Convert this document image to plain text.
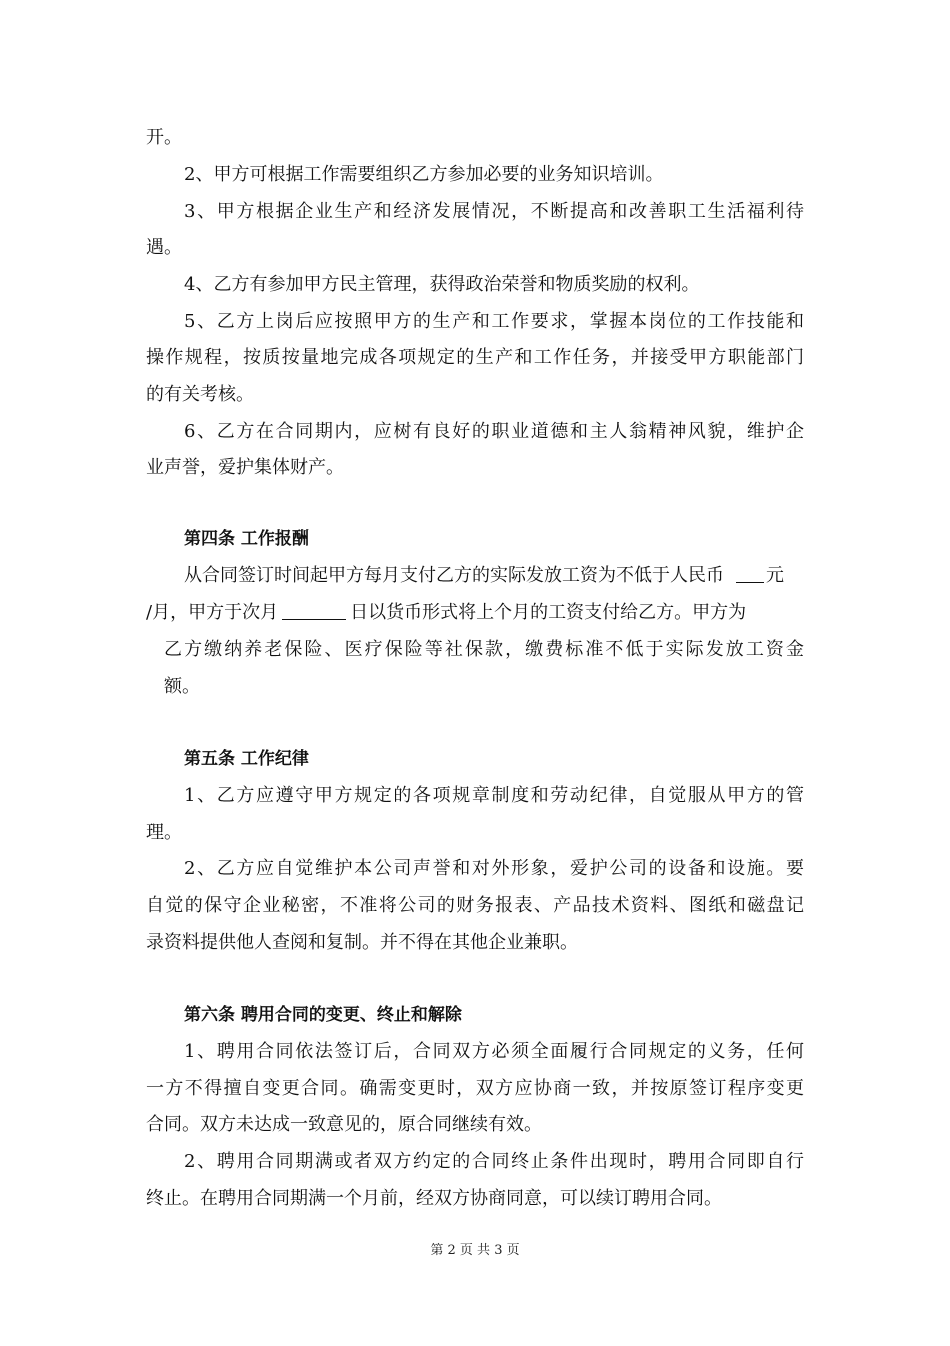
开。
2、甲方可根据工作需要组织乙方参加必要的业务知识培训。
3、甲方根据企业生产和经济发展情况，不断提高和改善职工生活福利待
遇。
4、乙方有参加甲方民主管理，获得政治荣誉和物质奖励的权利。
5、乙方上岗后应按照甲方的生产和工作要求，掌握本岗位的工作技能和
操作规程，按质按量地完成各项规定的生产和工作任务，并接受甲方职能部门
的有关考核。
6、乙方在合同期内，应树有良好的职业道德和主人翁精神风貌，维护企
业声誉，爱护集体财产。
第四条 工作报酬
从合同签订时间起甲方每月支付乙方的实际发放工资为不低于人民币 元
/月，甲方于次月	日以货币形式将上个月的工资支付给乙方。甲方为
乙方缴纳养老保险、医疗保险等社保款，缴费标准不低于实际发放工资金
额。
第五条 工作纪律
1、乙方应遵守甲方规定的各项规章制度和劳动纪律，自觉服从甲方的管
理。
2、乙方应自觉维护本公司声誉和对外形象，爱护公司的设备和设施。要
自觉的保守企业秘密，不准将公司的财务报表、产品技术资料、图纸和磁盘记
录资料提供他人查阅和复制。并不得在其他企业兼职。
第六条 聘用合同的变更、终止和解除
1、聘用合同依法签订后，合同双方必须全面履行合同规定的义务，任何
一方不得擅自变更合同。确需变更时，双方应协商一致，并按原签订程序变更
合同。双方未达成一致意见的，原合同继续有效。
2、聘用合同期满或者双方约定的合同终止条件出现时，聘用合同即自行
终止。在聘用合同期满一个月前，经双方协商同意，可以续订聘用合同。
第 2 页 共 3 页
